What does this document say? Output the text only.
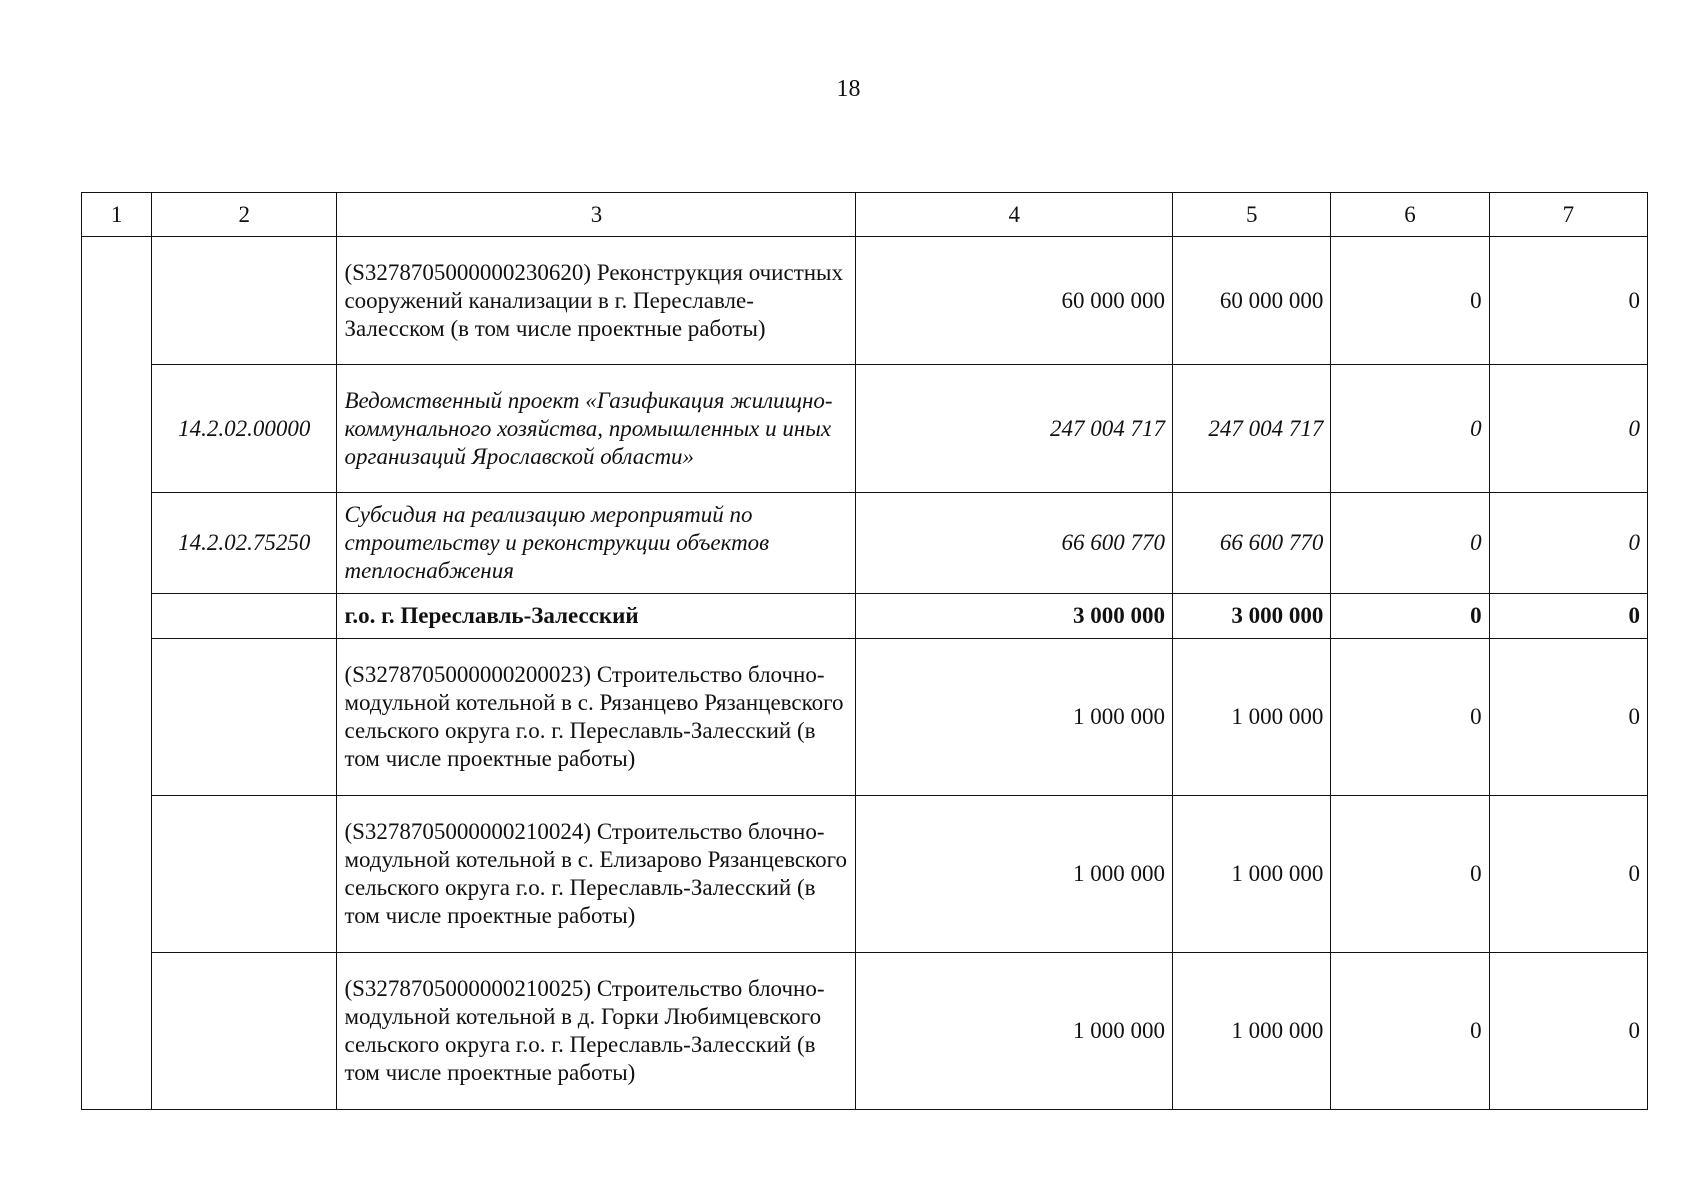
18
1	2	3	4	5	6	7
		(S3278705000000230620) Реконструкция очистных сооружений канализации в г. Переславле-Залесском (в том числе проектные работы)	60 000 000	60 000 000	0	0
	14.2.02.00000	Ведомственный проект «Газификация жилищно-коммунального хозяйства, промышленных и иных организаций Ярославской области»	247 004 717	247 004 717	0	0
	14.2.02.75250	Субсидия на реализацию мероприятий по строительству и реконструкции объектов теплоснабжения	66 600 770	66 600 770	0	0
		г.о. г. Переславль-Залесский	3 000 000	3 000 000	0	0
		(S3278705000000200023) Строительство блочно-модульной котельной в с. Рязанцево Рязанцевского сельского округа г.о. г. Переславль-Залесский (в том числе проектные работы)	1 000 000	1 000 000	0	0
		(S3278705000000210024) Строительство блочно-модульной котельной в с. Елизарово Рязанцевского сельского округа г.о. г. Переславль-Залесский (в том числе проектные работы)	1 000 000	1 000 000	0	0
		(S3278705000000210025) Строительство блочно-модульной котельной в д. Горки Любимцевского сельского округа г.о. г. Переславль-Залесский (в том числе проектные работы)	1 000 000	1 000 000	0	0
